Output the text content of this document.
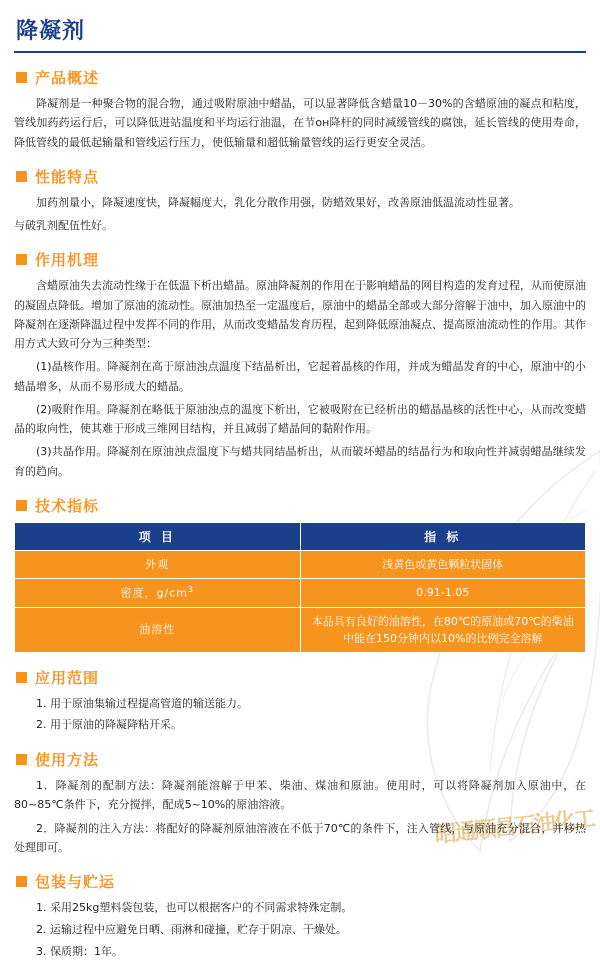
昭通顺昌石油化工
降凝剂
产品概述

降凝剂是一种聚合物的混合物，通过吸附原油中蜡晶，可以显著降低含蜡量10－30%的含蜡原油的凝点和粘度，管线加药药运行后，可以降低进站温度和平均运行油温，在节он降杆的同时减缓管线的腐蚀，延长管线的使用寿命，降低管线的最低起输量和管线运行压力，使低输量和超低输量管线的运行更安全灵活。

性能特点

加药剂量小，降凝速度快，降凝幅度大，乳化分散作用强，防蜡效果好，改善原油低温流动性显著。

与破乳剂配伍性好。

作用机理

含蜡原油失去流动性缘于在低温下析出蜡晶。原油降凝剂的作用在于影响蜡晶的网目构造的发育过程，从而使原油的凝固点降低。增加了原油的流动性。原油加热至一定温度后，原油中的蜡晶全部或大部分溶解于油中，加入原油中的降凝剂在逐渐降温过程中发挥不同的作用，从而改变蜡晶发育历程，起到降低原油凝点、提高原油流动性的作用。其作用方式大致可分为三种类型：

(1)晶核作用。降凝剂在高于原油浊点温度下结晶析出，它起着晶核的作用，并成为蜡晶发育的中心，原油中的小蜡晶增多，从而不易形成大的蜡晶。

(2)吸附作用。降凝剂在略低于原油浊点的温度下析出，它被吸附在已经析出的蜡晶晶核的活性中心，从而改变蜡晶的取向性，使其难于形成三维网目结构，并且减弱了蜡晶间的黏附作用。

(3)共晶作用。降凝剂在原油浊点温度下与蜡共同结晶析出，从而破坏蜡晶的结晶行为和取向性并减弱蜡晶继续发育的趋向。

技术指标
项 目	指 标
外观	浅黄色或黄色颗粒状固体
密度，$g/cm^3$	0.91-1.05
油溶性	本品具有良好的油溶性，在80℃的原油或70℃的柴油中能在150分钟内以10%的比例完全溶解
应用范围

1. 用于原油集输过程提高管道的输送能力。

2. 用于原油的降凝降粘开采。

使用方法

1．降凝剂的配制方法：降凝剂能溶解于甲苯、柴油、煤油和原油。使用时，可以将降凝剂加入原油中，在80~85℃条件下，充分搅拌，配成5~10%的原油溶液。

2．降凝剂的注入方法：将配好的降凝剂原油溶液在不低于70℃的条件下，注入管线，与原油充分混合，并移热处理即可。

包装与贮运

1. 采用25kg塑料袋包装，也可以根据客户的不同需求特殊定制。

2. 运输过程中应避免日晒、雨淋和碰撞，贮存于阴凉、干燥处。

3. 保质期：1年。
